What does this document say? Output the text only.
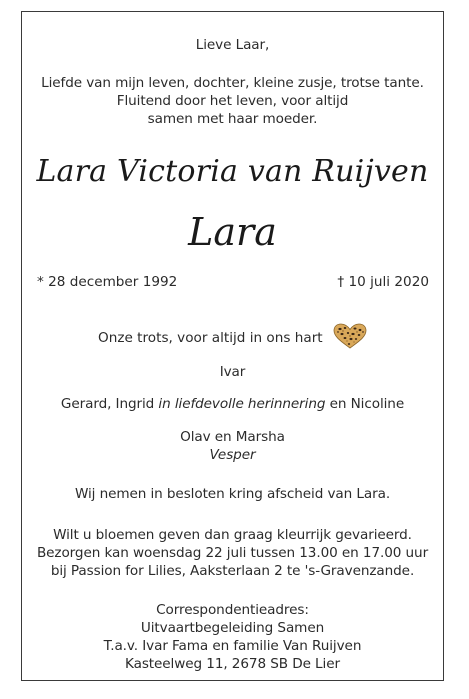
Lieve Laar,
Liefde van mijn leven, dochter, kleine zusje, trotse tante.
Fluitend door het leven, voor altijd
samen met haar moeder.
Lara Victoria van Ruijven
Lara
* 28 december 1992	† 10 juli 2020
Onze trots, voor altijd in ons hart
Ivar
Gerard, Ingrid in liefdevolle herinnering en Nicoline
Olav en Marsha
Vesper
Wij nemen in besloten kring afscheid van Lara.
Wilt u bloemen geven dan graag kleurrijk gevarieerd.
Bezorgen kan woensdag 22 juli tussen 13.00 en 17.00 uur
bij Passion for Lilies, Aaksterlaan 2 te 's-Gravenzande.
Correspondentieadres:
Uitvaartbegeleiding Samen
T.a.v. Ivar Fama en familie Van Ruijven
Kasteelweg 11, 2678 SB De Lier
